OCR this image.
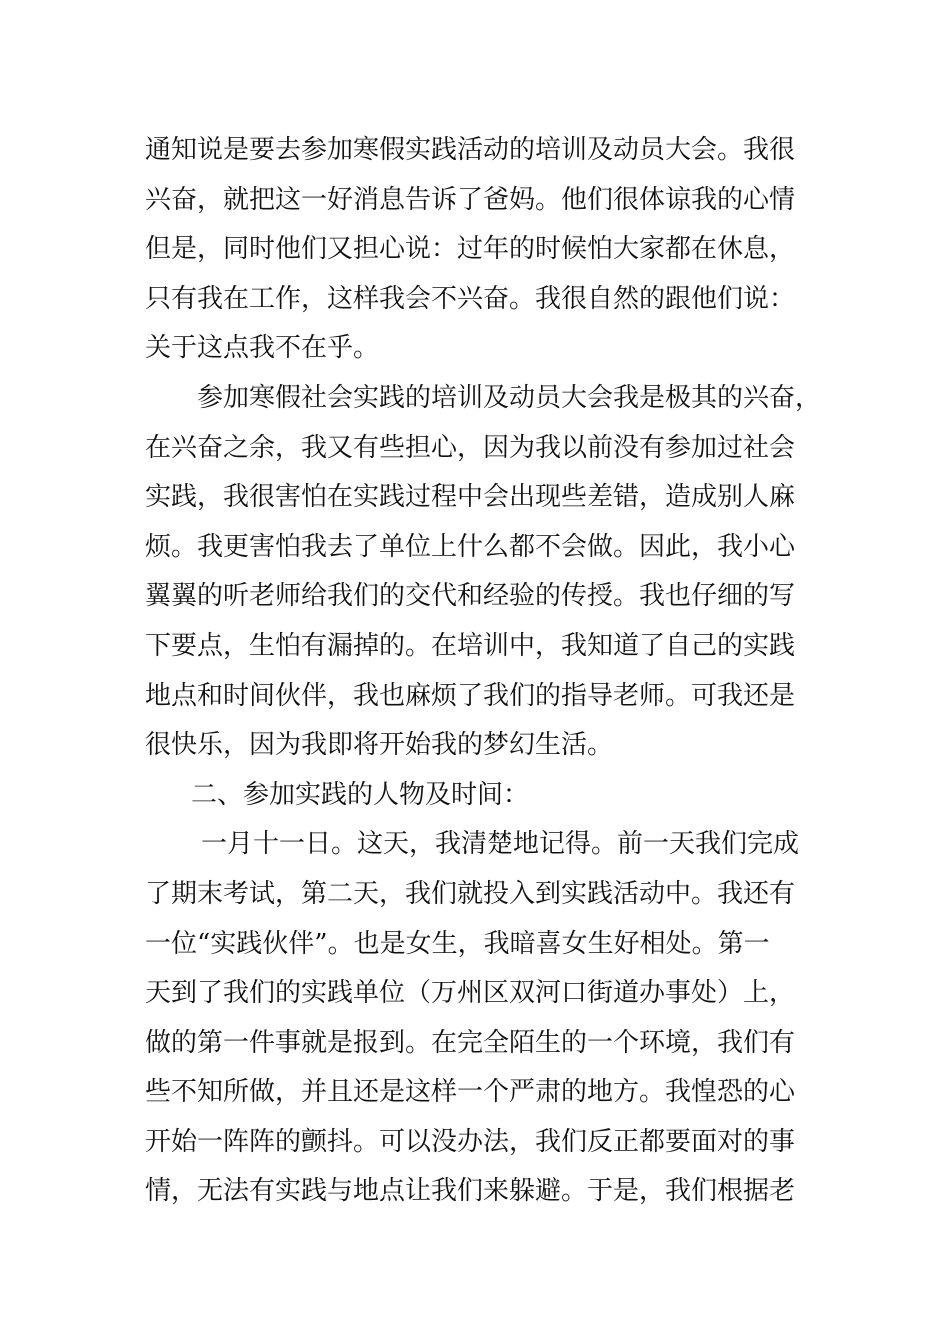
通知说是要去参加寒假实践活动的培训及动员大会。我很
兴奋，就把这一好消息告诉了爸妈。他们很体谅我的心情
但是，同时他们又担心说：过年的时候怕大家都在休息，
只有我在工作，这样我会不兴奋。我很自然的跟他们说：
关于这点我不在乎。
参加寒假社会实践的培训及动员大会我是极其的兴奋，
在兴奋之余，我又有些担心，因为我以前没有参加过社会
实践，我很害怕在实践过程中会出现些差错，造成别人麻
烦。我更害怕我去了单位上什么都不会做。因此，我小心
翼翼的听老师给我们的交代和经验的传授。我也仔细的写
下要点，生怕有漏掉的。在培训中，我知道了自己的实践
地点和时间伙伴，我也麻烦了我们的指导老师。可我还是
很快乐，因为我即将开始我的梦幻生活。
二、参加实践的人物及时间：
一月十一日。这天，我清楚地记得。前一天我们完成
了期末考试，第二天，我们就投入到实践活动中。我还有
一位“实践伙伴”。也是女生，我暗喜女生好相处。第一
天到了我们的实践单位（万州区双河口街道办事处）上，
做的第一件事就是报到。在完全陌生的一个环境，我们有
些不知所做，并且还是这样一个严肃的地方。我惶恐的心
开始一阵阵的颤抖。可以没办法，我们反正都要面对的事
情，无法有实践与地点让我们来躲避。于是，我们根据老
